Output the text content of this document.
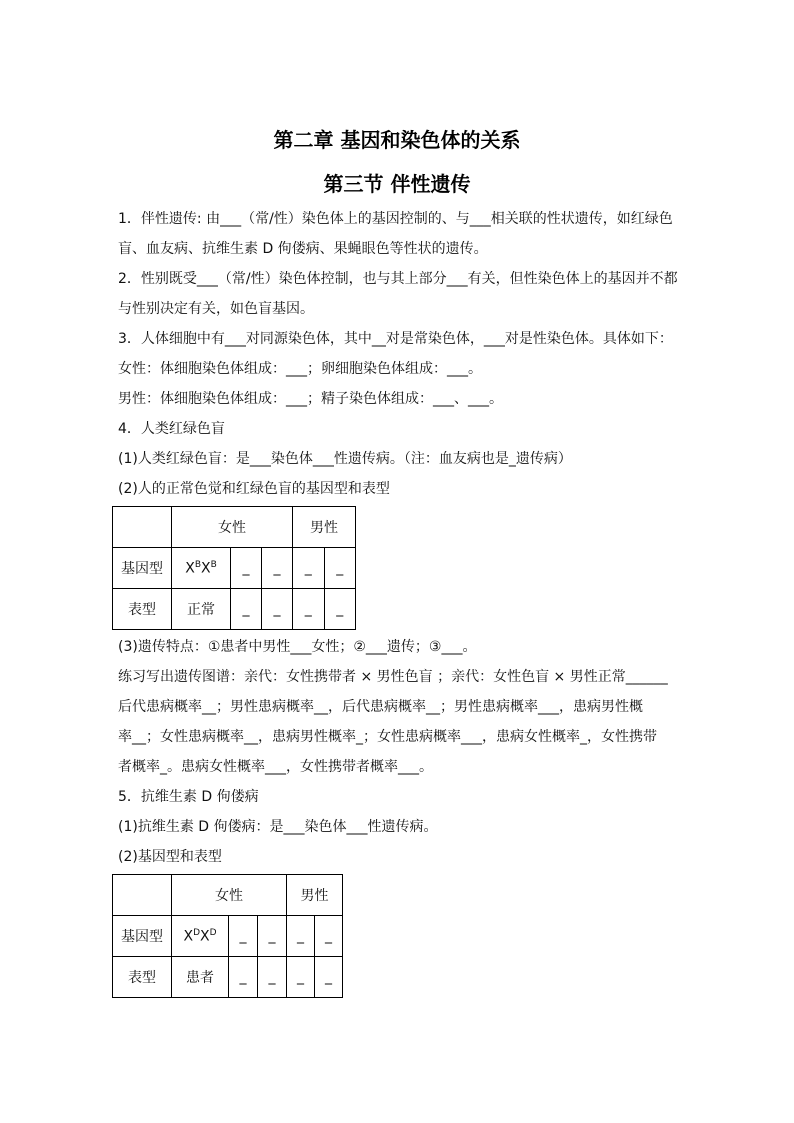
第二章 基因和染色体的关系
第三节 伴性遗传
1．伴性遗传: 由___（常/性）染色体上的基因控制的、与___相关联的性状遗传，如红绿色
盲、血友病、抗维生素 D 佝偻病、果蝇眼色等性状的遗传。
2．性别既受___（常/性）染色体控制，也与其上部分___有关，但性染色体上的基因并不都
与性别决定有关，如色盲基因。
3．人体细胞中有___对同源染色体，其中__对是常染色体，___对是性染色体。具体如下：
女性：体细胞染色体组成：___；卵细胞染色体组成：___。
男性：体细胞染色体组成：___；精子染色体组成：___、___。
4．人类红绿色盲
(1)人类红绿色盲：是___染色体___性遗传病。（注：血友病也是_遗传病）
(2)人的正常色觉和红绿色盲的基因型和表型
	女性			男性	
基因型	$X^BX^B$	_	_	_	_
表型	正常	_	_	_	_
(3)遗传特点：①患者中男性___女性；②___遗传；③___。
练习写出遗传图谱：亲代：女性携带者 × 男性色盲 ；亲代：女性色盲 × 男性正常______
后代患病概率__；男性患病概率__，后代患病概率__；男性患病概率___，患病男性概
率__；女性患病概率__，患病男性概率_；女性患病概率___，患病女性概率_，女性携带
者概率_。患病女性概率___，女性携带者概率___。
5．抗维生素 D 佝偻病
(1)抗维生素 D 佝偻病：是___染色体___性遗传病。
(2)基因型和表型
	女性			男性	
基因型	$X^DX^D$	_	_	_	_
表型	患者	_	_	_	_
